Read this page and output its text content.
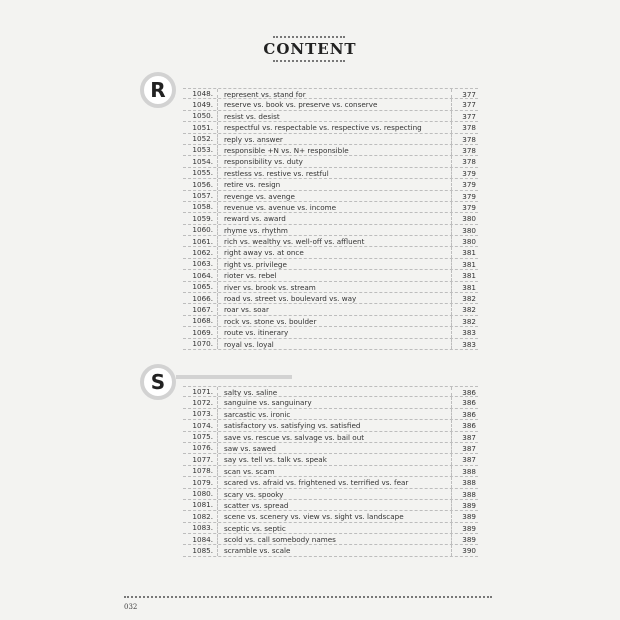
CONTENT
R	1048.	represent vs. stand for	377
1049.	reserve vs. book vs. preserve vs. conserve	377
1050.	resist vs. desist	377
1051.	respectful vs. respectable vs. respective vs. respecting	378
1052.	reply vs. answer	378
1053.	responsible +N vs. N+ responsible	378
1054.	responsibility vs. duty	378
1055.	restless vs. restive vs. restful	379
1056.	retire vs. resign	379
1057.	revenge vs. avenge	379
1058.	revenue vs. avenue vs. income	379
1059.	reward vs. award	380
1060.	rhyme vs. rhythm	380
1061.	rich vs. wealthy vs. well-off vs. affluent	380
1062.	right away vs. at once	381
1063.	right vs. privilege	381
1064.	rioter vs. rebel	381
1065.	river vs. brook vs. stream	381
1066.	road vs. street vs. boulevard vs. way	382
1067.	roar vs. soar	382
1068.	rock vs. stone vs. boulder	382
1069.	route vs. itinerary	383
1070.	royal vs. loyal	383
S	1071.	salty vs. saline	386
1072.	sanguine vs. sanguinary	386
1073.	sarcastic vs. ironic	386
1074.	satisfactory vs. satisfying vs. satisfied	386
1075.	save vs. rescue vs. salvage vs. bail out	387
1076.	saw vs. sawed	387
1077.	say vs. tell vs. talk vs. speak	387
1078.	scan vs. scam	388
1079.	scared vs. afraid vs. frightened vs. terrified vs. fear	388
1080.	scary vs. spooky	388
1081.	scatter vs. spread	389
1082.	scene vs. scenery vs. view vs. sight vs. landscape	389
1083.	sceptic vs. septic	389
1084.	scold vs. call somebody names	389
1085.	scramble vs. scale	390
032
